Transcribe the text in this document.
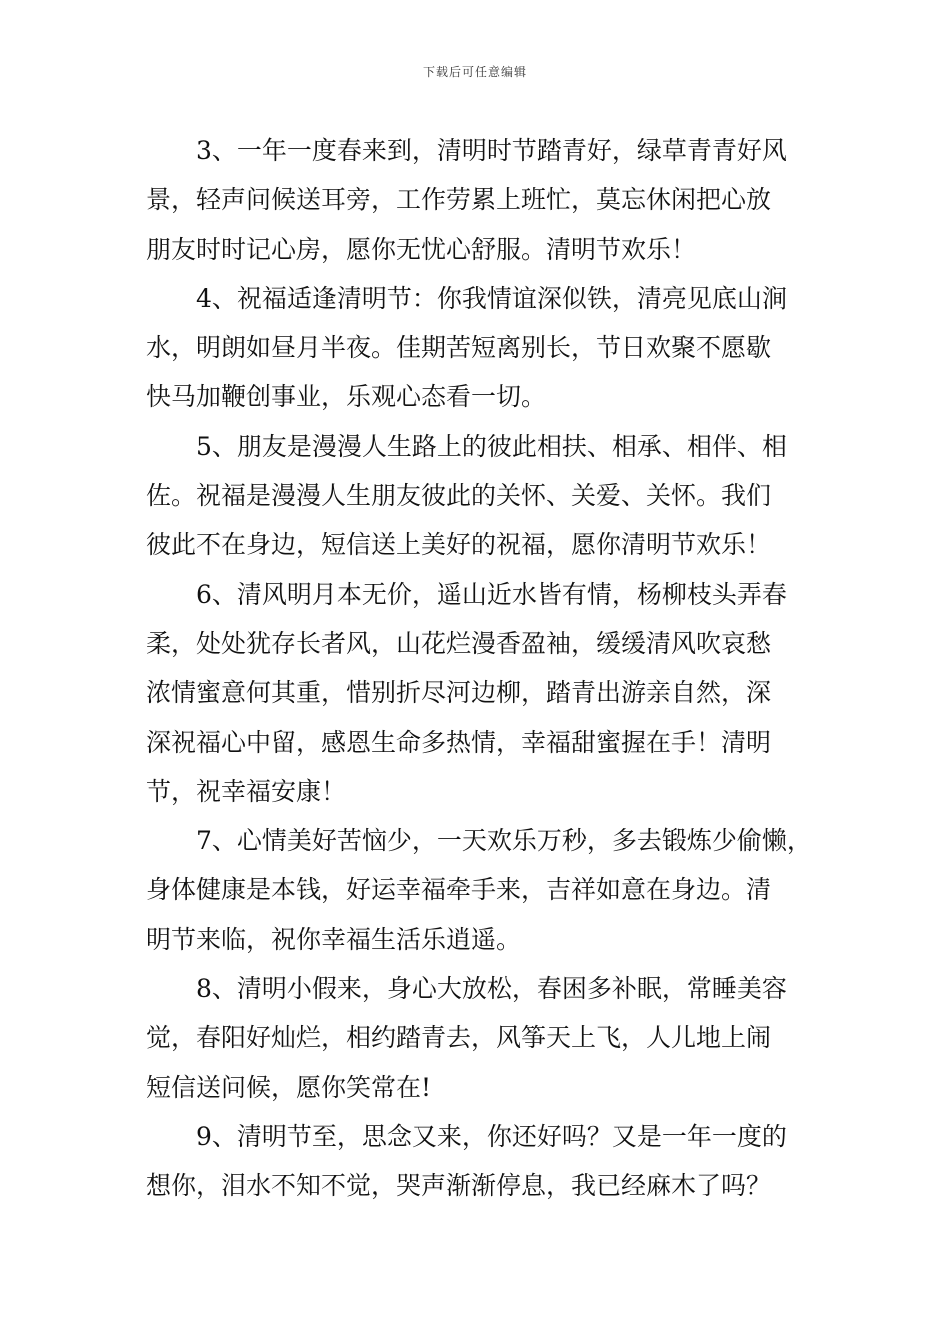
下载后可任意编辑
3、一年一度春来到，清明时节踏青好，绿草青青好风
景，轻声问候送耳旁，工作劳累上班忙，莫忘休闲把心放
朋友时时记心房，愿你无忧心舒服。清明节欢乐！
4、祝福适逢清明节：你我情谊深似铁，清亮见底山涧
水，明朗如昼月半夜。佳期苦短离别长，节日欢聚不愿歇
快马加鞭创事业，乐观心态看一切。
5、朋友是漫漫人生路上的彼此相扶、相承、相伴、相
佐。祝福是漫漫人生朋友彼此的关怀、关爱、关怀。我们
彼此不在身边，短信送上美好的祝福，愿你清明节欢乐！
6、清风明月本无价，遥山近水皆有情，杨柳枝头弄春
柔，处处犹存长者风，山花烂漫香盈袖，缓缓清风吹哀愁
浓情蜜意何其重，惜别折尽河边柳，踏青出游亲自然，深
深祝福心中留，感恩生命多热情，幸福甜蜜握在手！清明
节，祝幸福安康！
7、心情美好苦恼少，一天欢乐万秒，多去锻炼少偷懒，
身体健康是本钱，好运幸福牵手来，吉祥如意在身边。清
明节来临，祝你幸福生活乐逍遥。
8、清明小假来，身心大放松，春困多补眠，常睡美容
觉，春阳好灿烂，相约踏青去，风筝天上飞，人儿地上闹
短信送问候，愿你笑常在!
9、清明节至，思念又来，你还好吗？又是一年一度的
想你，泪水不知不觉，哭声渐渐停息，我已经麻木了吗？
